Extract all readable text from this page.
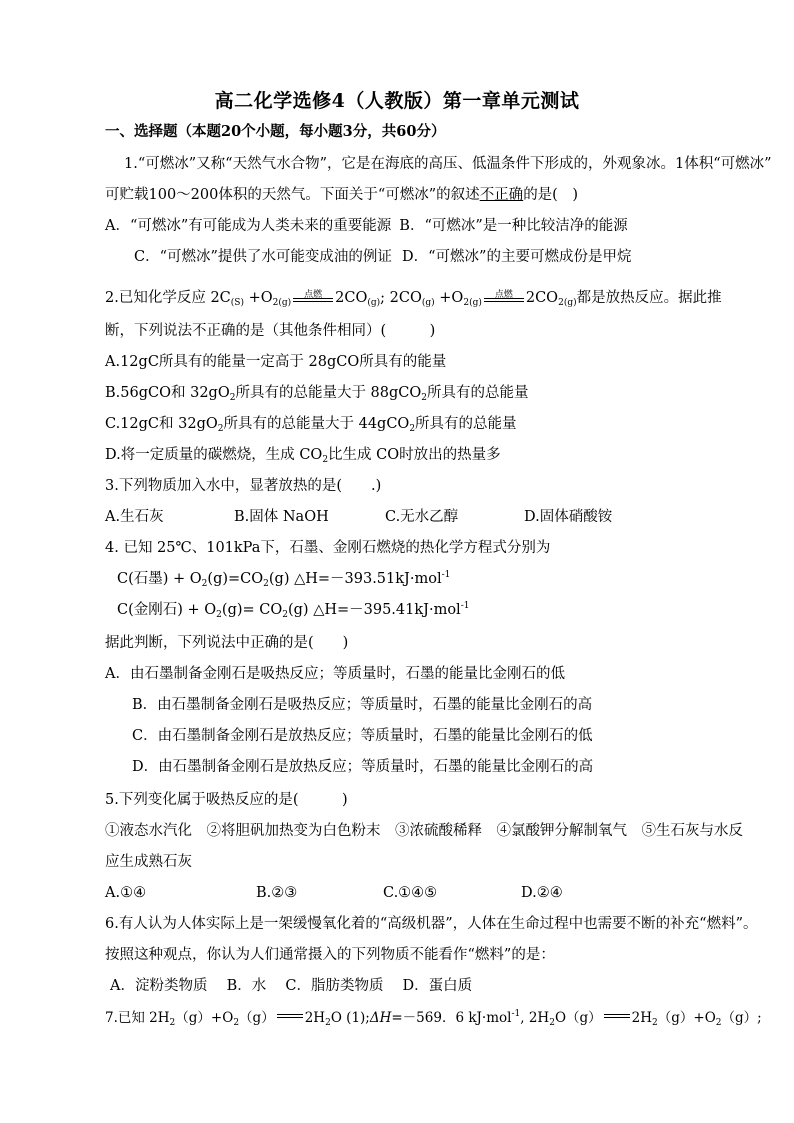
高二化学选修4（人教版）第一章单元测试
一、选择题（本题20个小题，每小题3分，共60分）
1.“可燃冰”又称“天然气水合物”，它是在海底的高压、低温条件下形成的，外观象冰。1体积“可燃冰”
可贮载100～200体积的天然气。下面关于“可燃冰”的叙述不正确的是(　)
A．“可燃冰”有可能成为人类未来的重要能源 B．“可燃冰”是一种比较洁净的能源
C．“可燃冰”提供了水可能变成油的例证 D．“可燃冰”的主要可燃成份是甲烷
2.已知化学反应 $2C_{(S)} +O_{2(g)}$
点燃 $2CO_{(g)}$; $2CO_{(g)} +O_{2(g)}$
点燃 $2CO_{2(g)}$都是放热反应。据此推
断，下列说法不正确的是（其他条件相同）(　　　)
A.12gC所具有的能量一定高于 28gCO所具有的能量
B.56gCO和 $32gO_2$所具有的总能量大于 88gCO$_2$所具有的总能量
C.12gC和 $32gO_2$所具有的总能量大于 44gCO$_2$所具有的总能量
D.将一定质量的碳燃烧，生成 $CO_2$比生成 CO时放出的热量多
3.下列物质加入水中，显著放热的是(　　.)
A.生石灰	B.固体 NaOH	C.无水乙醇	D.固体硝酸铵
4. 已知 25℃、101kPa下，石墨、金刚石燃烧的热化学方程式分别为
C(石墨) + $O_2(g)=CO_2(g)$ △H=－393.51kJ·mol$^{-1}$
C(金刚石) + $O_2(g)= CO_2(g)$ △H=－395.41kJ·mol$^{-1}$
据此判断，下列说法中正确的是(　　)
A．由石墨制备金刚石是吸热反应；等质量时，石墨的能量比金刚石的低
B．由石墨制备金刚石是吸热反应；等质量时，石墨的能量比金刚石的高
C．由石墨制备金刚石是放热反应；等质量时，石墨的能量比金刚石的低
D．由石墨制备金刚石是放热反应；等质量时，石墨的能量比金刚石的高
5.下列变化属于吸热反应的是(　　　)
①液态水汽化　②将胆矾加热变为白色粉末　③浓硫酸稀释　④氯酸钾分解制氧气　⑤生石灰与水反
应生成熟石灰
A.①④	B.②③	C.①④⑤	D.②④
6.有人认为人体实际上是一架缓慢氧化着的“高级机器”，人体在生命过程中也需要不断的补充“燃料”。
按照这种观点，你认为人们通常摄入的下列物质不能看作“燃料”的是：
A．淀粉类物质　 B．水　 C．脂肪类物质　 D．蛋白质
7.已知 $2H_2(g)+O_2(g)$ $2H_2O$ (1);ΔH=－569．6 kJ·mol$^{-1}$, $2H_2O(g)$ $2H_2(g)+O_2(g)$;
